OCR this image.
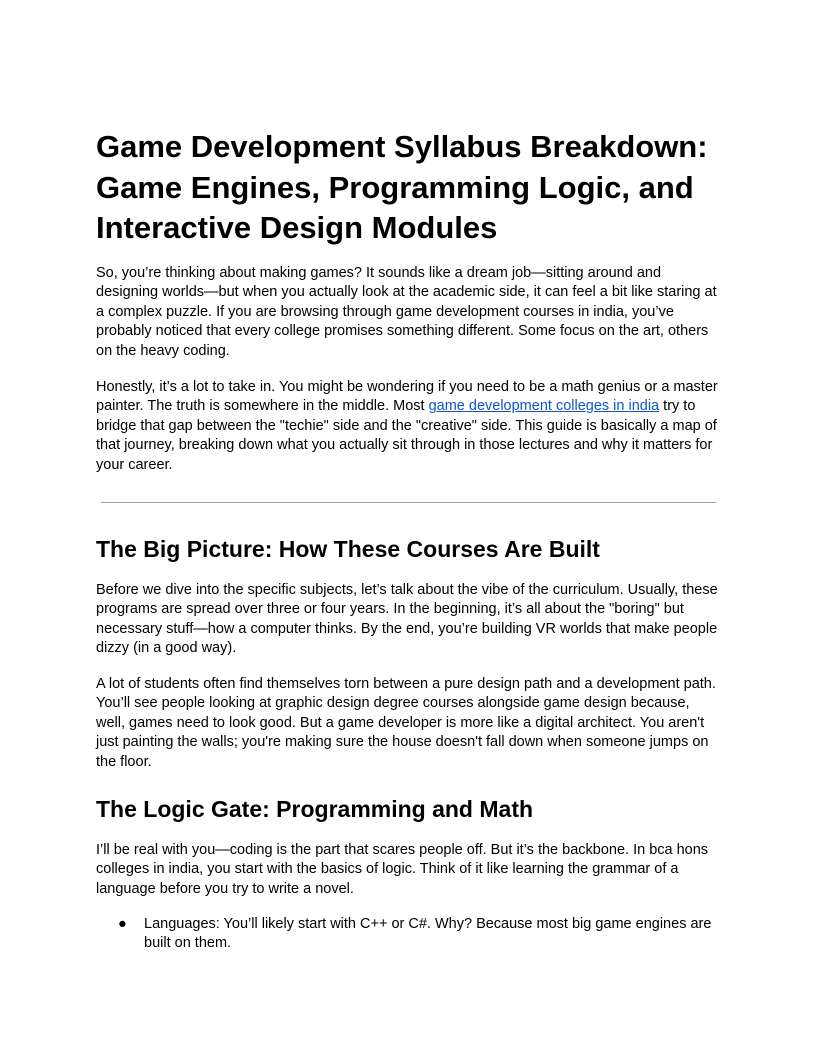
Game Development Syllabus Breakdown: Game Engines, Programming Logic, and Interactive Design Modules

So, you’re thinking about making games? It sounds like a dream job—sitting around and designing worlds—but when you actually look at the academic side, it can feel a bit like staring at a complex puzzle. If you are browsing through game development courses in india, you’ve probably noticed that every college promises something different. Some focus on the art, others on the heavy coding.

Honestly, it’s a lot to take in. You might be wondering if you need to be a math genius or a master painter. The truth is somewhere in the middle. Most game development colleges in india try to bridge that gap between the "techie" side and the "creative" side. This guide is basically a map of that journey, breaking down what you actually sit through in those lectures and why it matters for your career.

The Big Picture: How These Courses Are Built

Before we dive into the specific subjects, let’s talk about the vibe of the curriculum. Usually, these programs are spread over three or four years. In the beginning, it’s all about the "boring" but necessary stuff—how a computer thinks. By the end, you’re building VR worlds that make people dizzy (in a good way).

A lot of students often find themselves torn between a pure design path and a development path. You’ll see people looking at graphic design degree courses alongside game design because, well, games need to look good. But a game developer is more like a digital architect. You aren't just painting the walls; you're making sure the house doesn't fall down when someone jumps on the floor.

The Logic Gate: Programming and Math

I’ll be real with you—coding is the part that scares people off. But it’s the backbone. In bca hons colleges in india, you start with the basics of logic. Think of it like learning the grammar of a language before you try to write a novel.

● Languages: You’ll likely start with C++ or C#. Why? Because most big game engines are built on them.
